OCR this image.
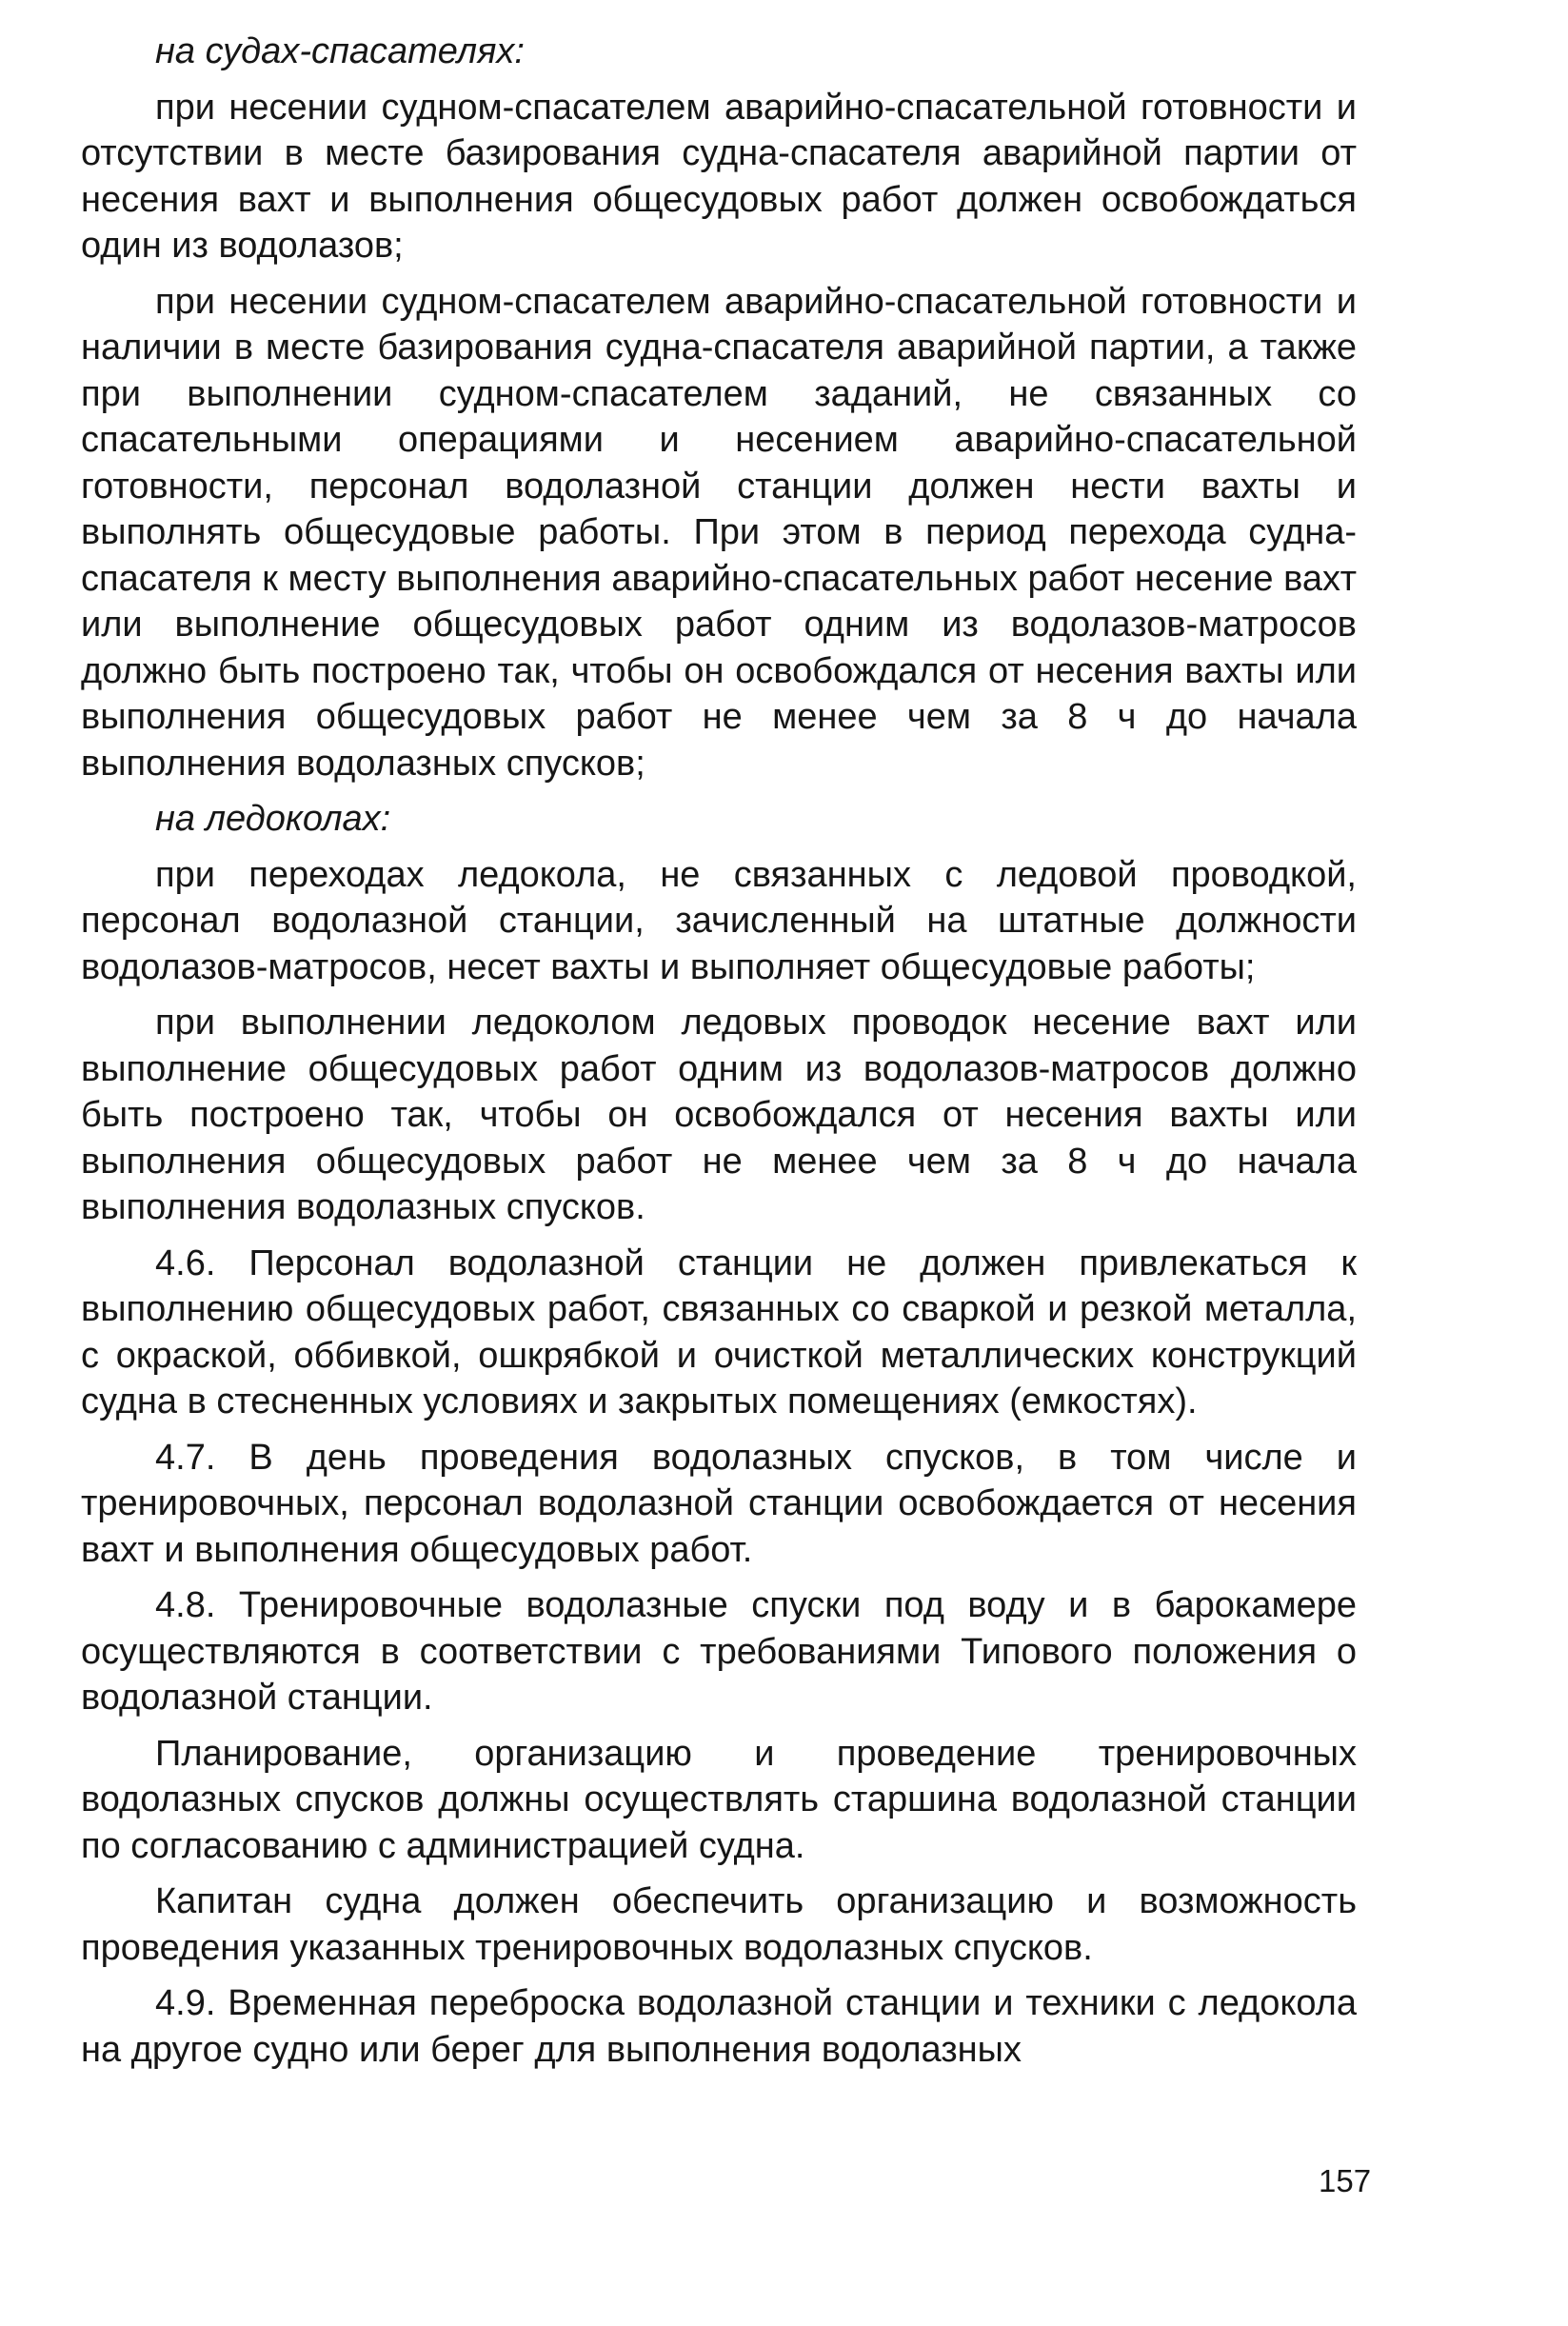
на судах-спасателях:

при несении судном-спасателем аварийно-спасательной готовности и отсутствии в месте базирования судна-спасателя аварийной партии от несения вахт и выполнения общесудовых работ должен освобождаться один из водолазов;

при несении судном-спасателем аварийно-спасательной готовности и наличии в месте базирования судна-спасателя аварийной партии, а также при выполнении судном-спасателем заданий, не связанных со спасательными операциями и несением аварийно-спасательной готовности, персонал водолазной станции должен нести вахты и выполнять общесудовые работы. При этом в период перехода судна-спасателя к месту выполнения аварийно-спасательных работ несение вахт или выполнение общесудовых работ одним из водолазов-матросов должно быть построено так, чтобы он освобождался от несения вахты или выполнения общесудовых работ не менее чем за 8 ч до начала выполнения водолазных спусков;

на ледоколах:

при переходах ледокола, не связанных с ледовой проводкой, персонал водолазной станции, зачисленный на штатные должности водолазов-матросов, несет вахты и выполняет общесудовые работы;

при выполнении ледоколом ледовых проводок несение вахт или выполнение общесудовых работ одним из водолазов-матросов должно быть построено так, чтобы он освобождался от несения вахты или выполнения общесудовых работ не менее чем за 8 ч до начала выполнения водолазных спусков.

4.6. Персонал водолазной станции не должен привлекаться к выполнению общесудовых работ, связанных со сваркой и резкой металла, с окраской, оббивкой, ошкрябкой и очисткой металлических конструкций судна в стесненных условиях и закрытых помещениях (емкостях).

4.7. В день проведения водолазных спусков, в том числе и тренировочных, персонал водолазной станции освобождается от несения вахт и выполнения общесудовых работ.

4.8. Тренировочные водолазные спуски под воду и в барокамере осуществляются в соответствии с требованиями Типового положения о водолазной станции.

Планирование, организацию и проведение тренировочных водолазных спусков должны осуществлять старшина водолазной станции по согласованию с администрацией судна.

Капитан судна должен обеспечить организацию и возможность проведения указанных тренировочных водолазных спусков.

4.9. Временная переброска водолазной станции и техники с ледокола на другое судно или берег для выполнения водолазных

157
